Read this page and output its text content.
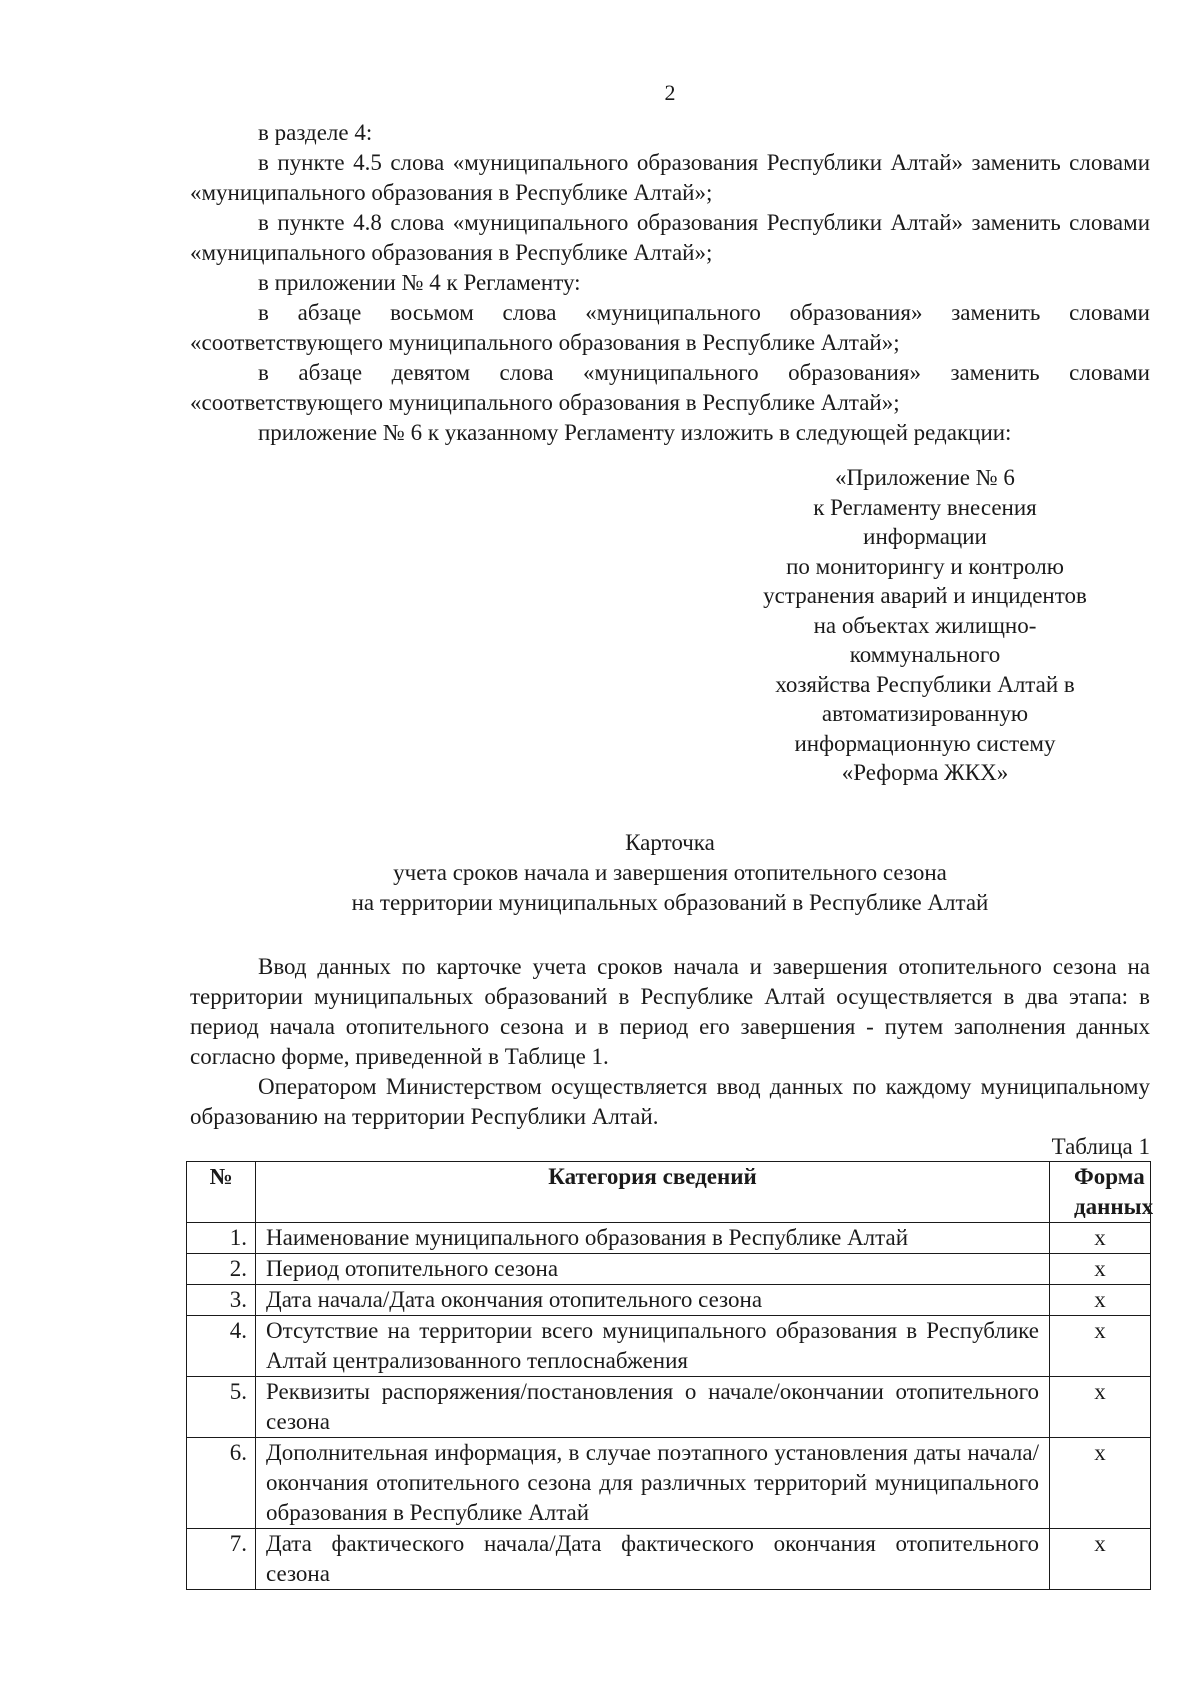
2
в разделе 4:
в пункте 4.5 слова «муниципального образования Республики Алтай» заменить словами «муниципального образования в Республике Алтай»;
в пункте 4.8 слова «муниципального образования Республики Алтай» заменить словами «муниципального образования в Республике Алтай»;
в приложении № 4 к Регламенту:
в абзаце восьмом слова «муниципального образования» заменить словами «соответствующего муниципального образования в Республике Алтай»;
в абзаце девятом слова «муниципального образования» заменить словами «соответствующего муниципального образования в Республике Алтай»;
приложение № 6 к указанному Регламенту изложить в следующей редакции:
«Приложение № 6
к Регламенту внесения
информации
по мониторингу и контролю
устранения аварий и инцидентов
на объектах жилищно-
коммунального
хозяйства Республики Алтай в
автоматизированную
информационную систему
«Реформа ЖКХ»
Карточка
учета сроков начала и завершения отопительного сезона
на территории муниципальных образований в Республике Алтай
Ввод данных по карточке учета сроков начала и завершения отопительного сезона на территории муниципальных образований в Республике Алтай осуществляется в два этапа: в период начала отопительного сезона и в период его завершения - путем заполнения данных согласно форме, приведенной в Таблице 1.
Оператором Министерством осуществляется ввод данных по каждому муниципальному образованию на территории Республики Алтай.
Таблица 1
№	Категория сведений	Форма данных
1.	Наименование муниципального образования в Республике Алтай	x
2.	Период отопительного сезона	x
3.	Дата начала/Дата окончания отопительного сезона	x
4.	Отсутствие на территории всего муниципального образования в Республике Алтай централизованного теплоснабжения	x
5.	Реквизиты распоряжения/постановления о начале/окончании отопительного сезона	x
6.	Дополнительная информация, в случае поэтапного установления даты начала/окончания отопительного сезона для различных территорий муниципального образования в Республике Алтай	x
7.	Дата фактического начала/Дата фактического окончания отопительного сезона	x
